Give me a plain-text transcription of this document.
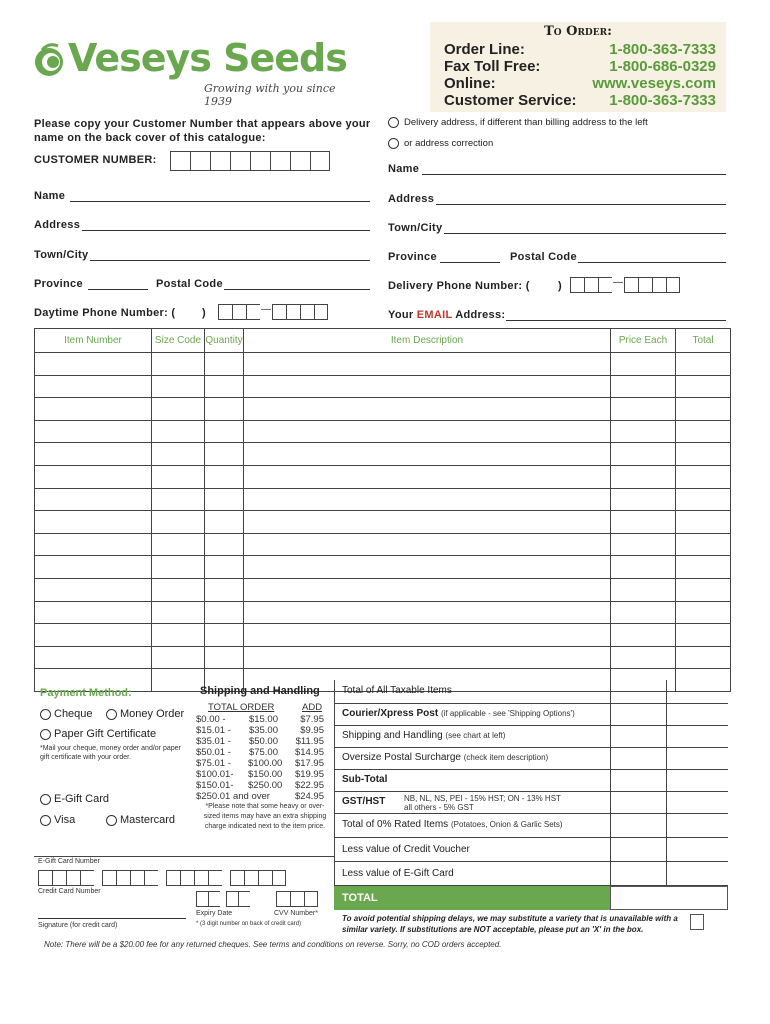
Veseys Seeds
Growing with you since 1939
To Order:
Order Line:	1-800-363-7333
Fax Toll Free:	1-800-686-0329
Online:	www.veseys.com
Customer Service: 1-800-363-7333
Please copy your Customer Number that appears above your name on the back cover of this catalogue:
CUSTOMER NUMBER:
Name
Address
Town/City
Province	Postal Code
Daytime Phone Number: ( )	—
Delivery address, if different than billing address to the left
or address correction
Name
Address
Town/City
Province	Postal Code
Delivery Phone Number: (	)	—
Your EMAIL Address:
Item Number	Size Code	Quantity	Item Description	Price Each	Total

Payment Method:
Cheque Money Order
Paper Gift Certificate
*Mail your cheque, money order and/or paper gift certificate with your order.
E-Gift Card
Visa	Mastercard
Shipping and Handling
TOTAL ORDER	ADD
$0.00 - $15.00	$7.95
$15.01 - $35.00	$9.95
$35.01 - $50.00	$11.95
$50.01 - $75.00	$14.95
$75.01 - $100.00	$17.95
$100.01- $150.00	$19.95
$150.01- $250.00	$22.95
$250.01 and over	$24.95
*Please note that some heavy or over-sized items may have an extra shipping charge indicated next to the item price.
Total of All Taxable Items
Courier/Xpress Post (if applicable - see 'Shipping Options')
Shipping and Handling (see chart at left)
Oversize Postal Surcharge (check item description)
Sub-Total
GST/HST NB, NL, NS, PEI - 15% HST; ON - 13% HST
all others - 5% GST
Total of 0% Rated Items (Potatoes, Onion & Garlic Sets)
Less value of Credit Voucher
Less value of E-Gift Card
TOTAL
E-Gift Card Number
Credit Card Number
Expiry Date	CVV Number*
* (3 digit number on back of credit card)
Signature (for credit card)
To avoid potential shipping delays, we may substitute a variety that is unavailable with a similar variety. If substitutions are NOT acceptable, please put an 'X' in the box.
Note: There will be a $20.00 fee for any returned cheques. See terms and conditions on reverse. Sorry, no COD orders accepted.
